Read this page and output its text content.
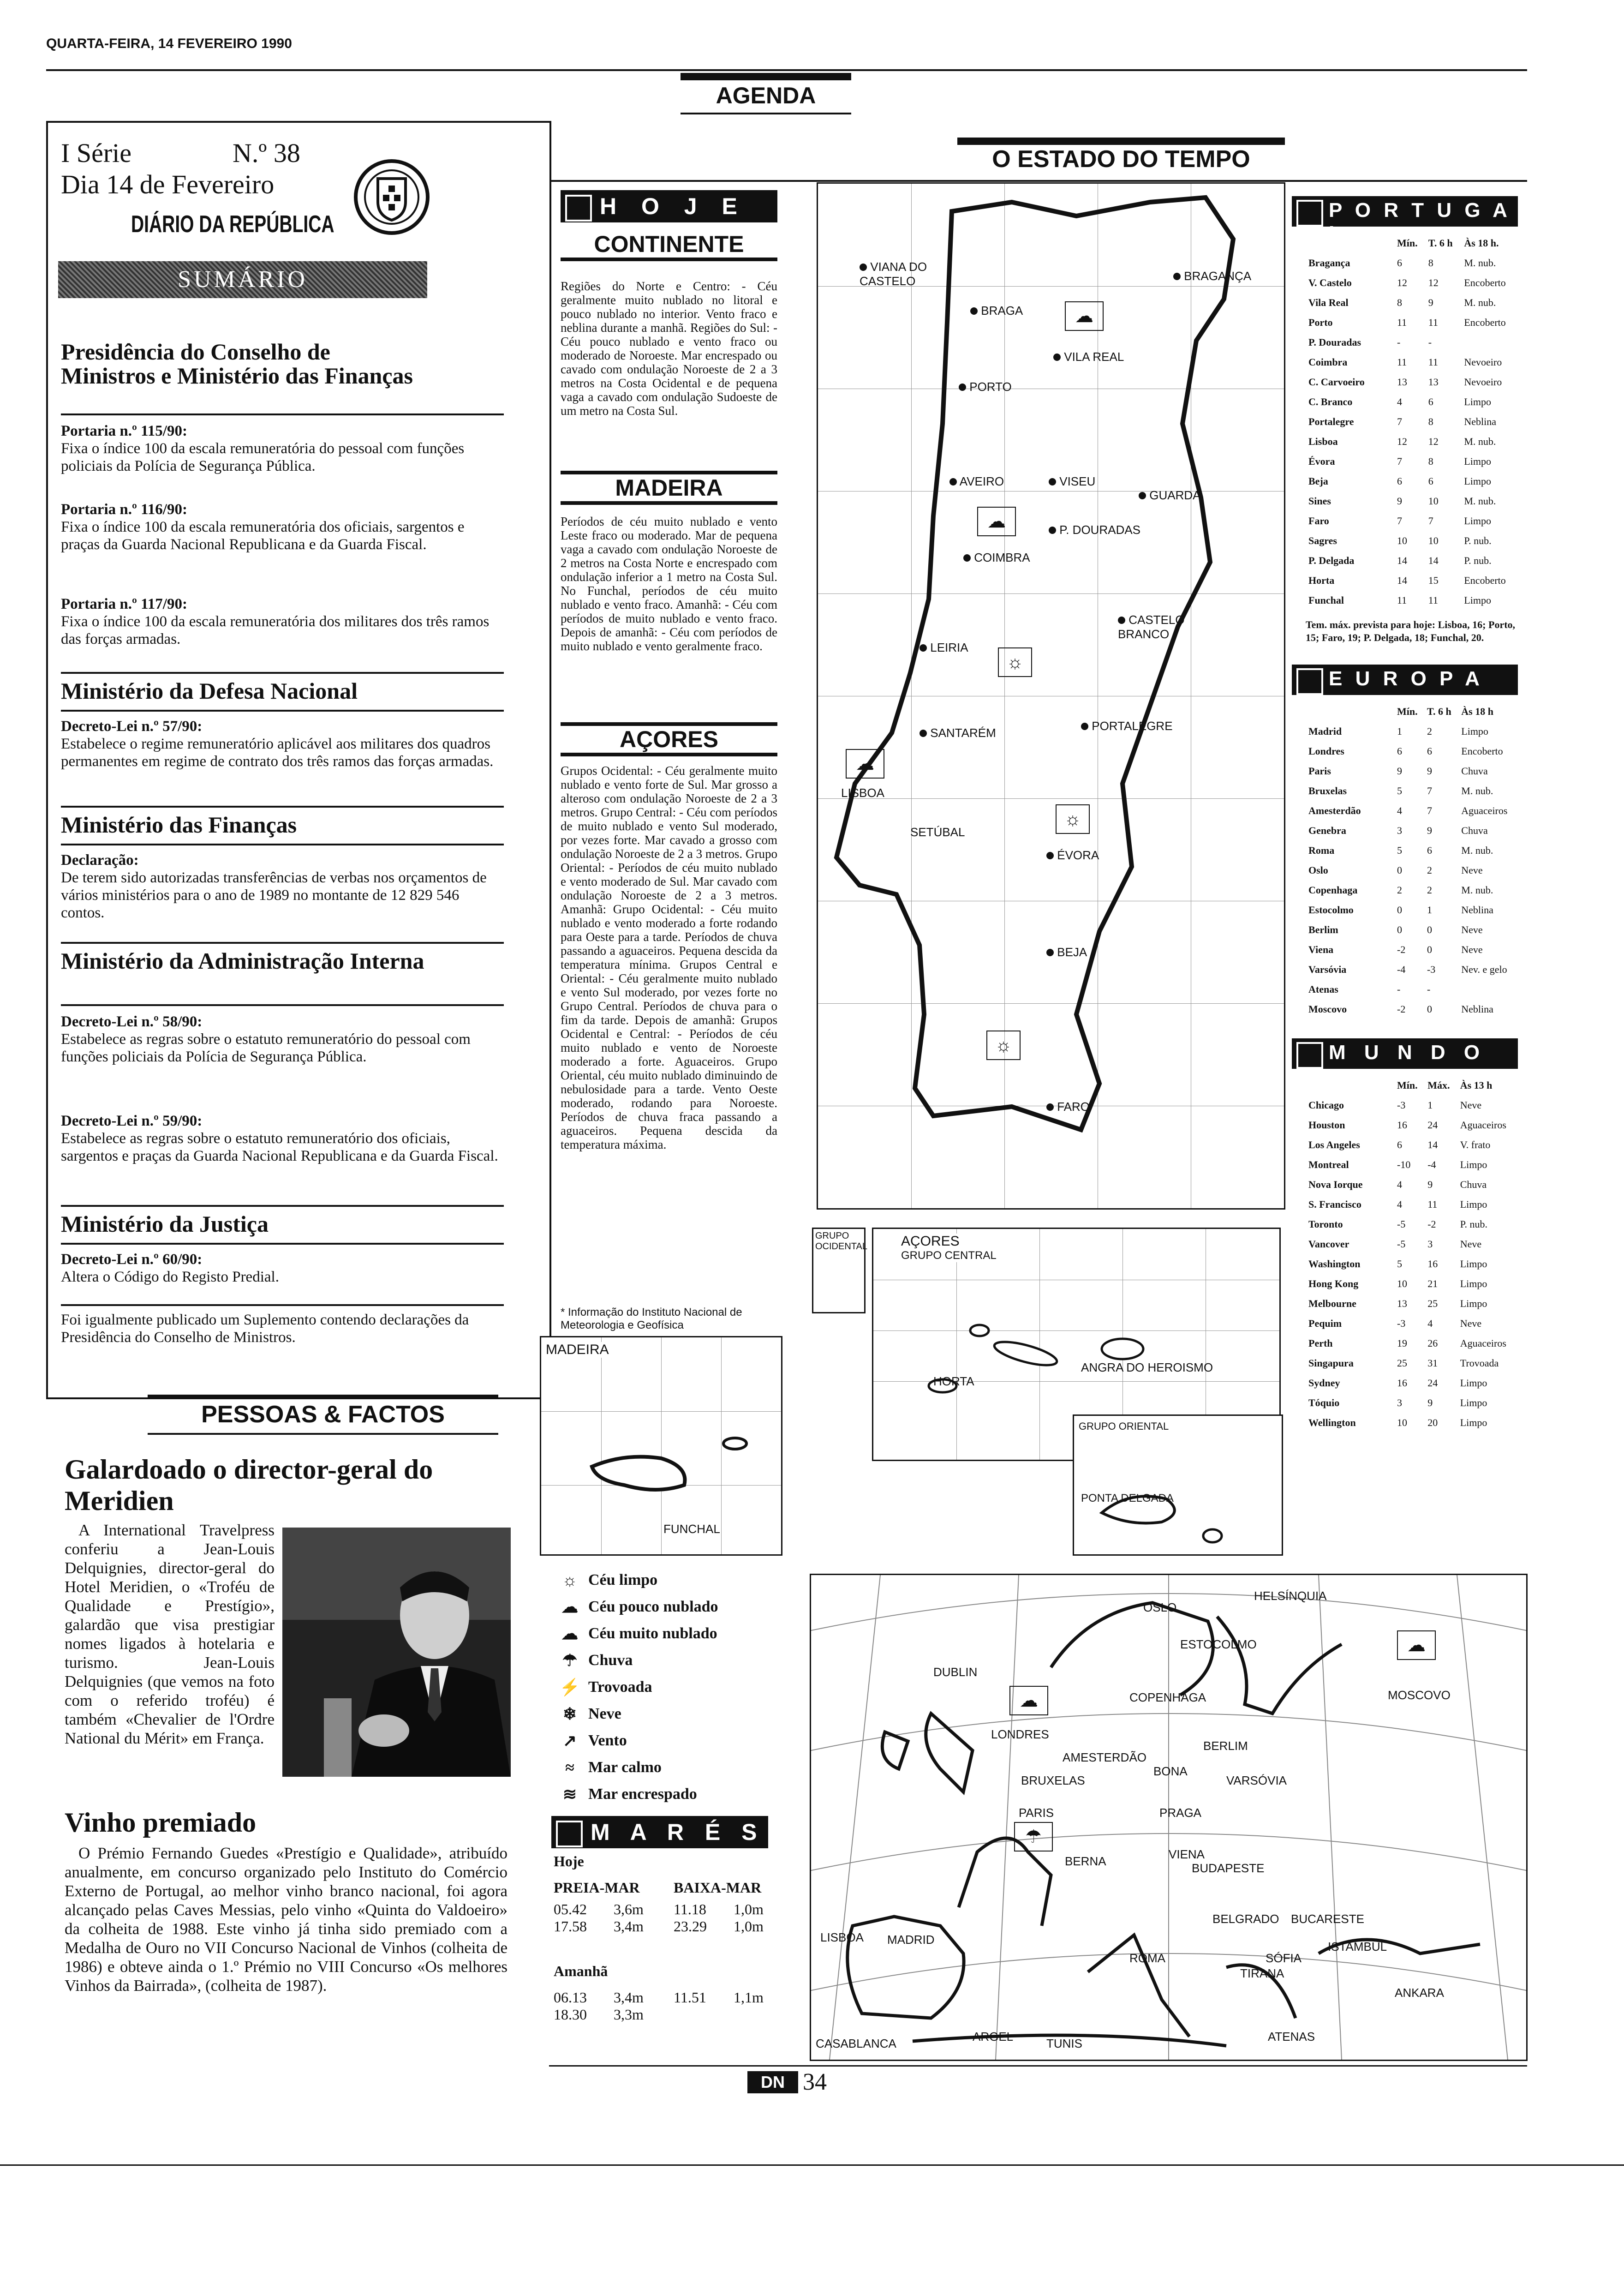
QUARTA-FEIRA, 14 FEVEREIRO 1990
AGENDA
I Série	N.º 38
Dia 14 de Fevereiro
DIÁRIO DA REPÚBLICA
SUMÁRIO
Presidência do Conselho de Ministros e Ministério das Finanças
Portaria n.º 115/90:
Fixa o índice 100 da escala remuneratória do pessoal com funções policiais da Polícia de Segurança Pública.
Portaria n.º 116/90:
Fixa o índice 100 da escala remuneratória dos oficiais, sargentos e praças da Guarda Nacional Republicana e da Guarda Fiscal.
Portaria n.º 117/90:
Fixa o índice 100 da escala remuneratória dos militares dos três ramos das forças armadas.
Ministério da Defesa Nacional
Decreto-Lei n.º 57/90:
Estabelece o regime remuneratório aplicável aos militares dos quadros permanentes em regime de contrato dos três ramos das forças armadas.
Ministério das Finanças
Declaração:
De terem sido autorizadas transferências de verbas nos orçamentos de vários ministérios para o ano de 1989 no montante de 12 829 546 contos.
Ministério da Administração Interna
Decreto-Lei n.º 58/90:
Estabelece as regras sobre o estatuto remuneratório do pessoal com funções policiais da Polícia de Segurança Pública.
Decreto-Lei n.º 59/90:
Estabelece as regras sobre o estatuto remuneratório dos oficiais, sargentos e praças da Guarda Nacional Republicana e da Guarda Fiscal.
Ministério da Justiça
Decreto-Lei n.º 60/90:
Altera o Código do Registo Predial.
Foi igualmente publicado um Suplemento contendo declarações da Presidência do Conselho de Ministros.
PESSOAS & FACTOS
Galardoado o director-geral do Meridien
A International Travelpress conferiu a Jean-Louis Delquignies, director-geral do Hotel Meridien, o «Troféu de Qualidade e Prestígio», galardão que visa prestigiar nomes ligados à hotelaria e turismo. Jean-Louis Delquignies (que vemos na foto com o referido troféu) é também «Chevalier de l'Ordre National du Mérit» em França.
Vinho premiado
O Prémio Fernando Guedes «Prestígio e Qualidade», atribuído anualmente, em concurso organizado pelo Instituto do Comércio Externo de Portugal, ao melhor vinho branco nacional, foi agora alcançado pelas Caves Messias, pelo vinho «Quinta do Valdoeiro» da colheita de 1988. Este vinho já tinha sido premiado com a Medalha de Ouro no VII Concurso Nacional de Vinhos (colheita de 1986) e obteve ainda o 1.º Prémio no VIII Concurso «Os melhores Vinhos da Bairrada», (colheita de 1987).
O ESTADO DO TEMPO
H O J E
CONTINENTE
Regiões do Norte e Centro: - Céu geralmente muito nublado no litoral e pouco nublado no interior. Vento fraco e neblina durante a manhã. Regiões do Sul: - Céu pouco nublado e vento fraco ou moderado de Noroeste. Mar encrespado ou cavado com ondulação Noroeste de 2 a 3 metros na Costa Ocidental e de pequena vaga a cavado com ondulação Sudoeste de um metro na Costa Sul.
MADEIRA
Períodos de céu muito nublado e vento Leste fraco ou moderado. Mar de pequena vaga a cavado com ondulação Noroeste de 2 metros na Costa Norte e encrespado com ondulação inferior a 1 metro na Costa Sul. No Funchal, períodos de céu muito nublado e vento fraco. Amanhã: - Céu com períodos de muito nublado e vento fraco. Depois de amanhã: - Céu com períodos de muito nublado e vento geralmente fraco.
AÇORES
Grupos Ocidental: - Céu geralmente muito nublado e vento forte de Sul. Mar grosso a alteroso com ondulação Noroeste de 2 a 3 metros. Grupo Central: - Céu com períodos de muito nublado e vento Sul moderado, por vezes forte. Mar cavado a grosso com ondulação Noroeste de 2 a 3 metros. Grupo Oriental: - Períodos de céu muito nublado e vento moderado de Sul. Mar cavado com ondulação Noroeste de 2 a 3 metros. Amanhã: Grupo Ocidental: - Céu muito nublado e vento moderado a forte rodando para Oeste para a tarde. Períodos de chuva passando a aguaceiros. Pequena descida da temperatura mínima. Grupos Central e Oriental: - Céu geralmente muito nublado e vento Sul moderado, por vezes forte no Grupo Central. Períodos de chuva para o fim da tarde. Depois de amanhã: Grupos Ocidental e Central: - Períodos de céu muito nublado e vento de Noroeste moderado a forte. Aguaceiros. Grupo Oriental, céu muito nublado diminuindo de nebulosidade para a tarde. Vento Oeste moderado, rodando para Noroeste. Períodos de chuva fraca passando a aguaceiros. Pequena descida da temperatura máxima.
* Informação do Instituto Nacional de Meteorologia e Geofísica
VIANA DO CASTELO	BRAGANÇA
BRAGA
VILA REAL
PORTO
AVEIRO	VISEU
GUARDA
P. DOURADAS
COIMBRA
CASTELO BRANCO
LEIRIA
SANTARÉM	PORTALEGRE
LISBOA
SETÚBAL
ÉVORA
BEJA
FARO
☁
☁
☼
☁
☼
☼
GRUPO OCIDENTAL AÇORES
GRUPO CENTRAL
HORTA
ANGRA DO HEROISMO
MADEIRA
FUNCHAL
GRUPO ORIENTAL
PONTA DELGADA
☼ Céu limpo
☁ Céu pouco nublado
☁ Céu muito nublado
☂ Chuva
⚡ Trovoada
❄ Neve
↗ Vento
≈ Mar calmo
≋ Mar encrespado
M A R É S
Hoje
PREIA-MAR	BAIXA-MAR
05.42	3,6m	11.18	1,0m
17.58	3,4m	23.29	1,0m
Amanhã
06.13	3,4m	11.51	1,1m
18.30	3,3m
OSLO
HELSÍNQUIA
ESTOCOLMO
DUBLIN
COPENHAGA	MOSCOVO
LONDRES
AMESTERDÃO
BERLIM
BRUXELAS
BONA
VARSÓVIA
PARIS	PRAGA
VIENA
BERNA	BUDAPESTE
BELGRADO BUCARESTE
LISBOA MADRID
ROMA	SÓFIA
ISTAMBUL
TIRANA
ANKARA
CASABLANCA	ARGEL	TUNIS	ATENAS
☁
☂
☁
P O R T U G A L
		Mín.	T. 6 h	Às 18 h.
Bragança	6	8	M. nub.
V. Castelo	12	12	Encoberto
Vila Real	8	9	M. nub.
Porto	11	11	Encoberto
P. Douradas	-	-	
Coimbra	11	11	Nevoeiro
C. Carvoeiro	13	13	Nevoeiro
C. Branco	4	6	Limpo
Portalegre	7	8	Neblina
Lisboa	12	12	M. nub.
Évora	7	8	Limpo
Beja	6	6	Limpo
Sines	9	10	M. nub.
Faro	7	7	Limpo
Sagres	10	10	P. nub.
P. Delgada	14	14	P. nub.
Horta	14	15	Encoberto
Funchal	11	11	Limpo
Tem. máx. prevista para hoje: Lisboa, 16; Porto, 15; Faro, 19; P. Delgada, 18; Funchal, 20.
E U R O P A
	Mín.	T. 6 h	Às 18 h
Madrid	1	2	Limpo
Londres	6	6	Encoberto
Paris	9	9	Chuva
Bruxelas	5	7	M. nub.
Amesterdão	4	7	Aguaceiros
Genebra	3	9	Chuva
Roma	5	6	M. nub.
Oslo	0	2	Neve
Copenhaga	2	2	M. nub.
Estocolmo	0	1	Neblina
Berlim	0	0	Neve
Viena	-2	0	Neve
Varsóvia	-4	-3	Nev. e gelo
Atenas	-	-	
Moscovo	-2	0	Neblina
M U N D O
	Mín.	Máx.	Às 13 h
Chicago	-3	1	Neve
Houston	16	24	Aguaceiros
Los Angeles	6	14	V. frato
Montreal	-10	-4	Limpo
Nova Iorque	4	9	Chuva
S. Francisco	4	11	Limpo
Toronto	-5	-2	P. nub.
Vancover	-5	3	Neve
Washington	5	16	Limpo
Hong Kong	10	21	Limpo
Melbourne	13	25	Limpo
Pequim	-3	4	Neve
Perth	19	26	Aguaceiros
Singapura	25	31	Trovoada
Sydney	16	24	Limpo
Tóquio	3	9	Limpo
Wellington	10	20	Limpo
DN 34
